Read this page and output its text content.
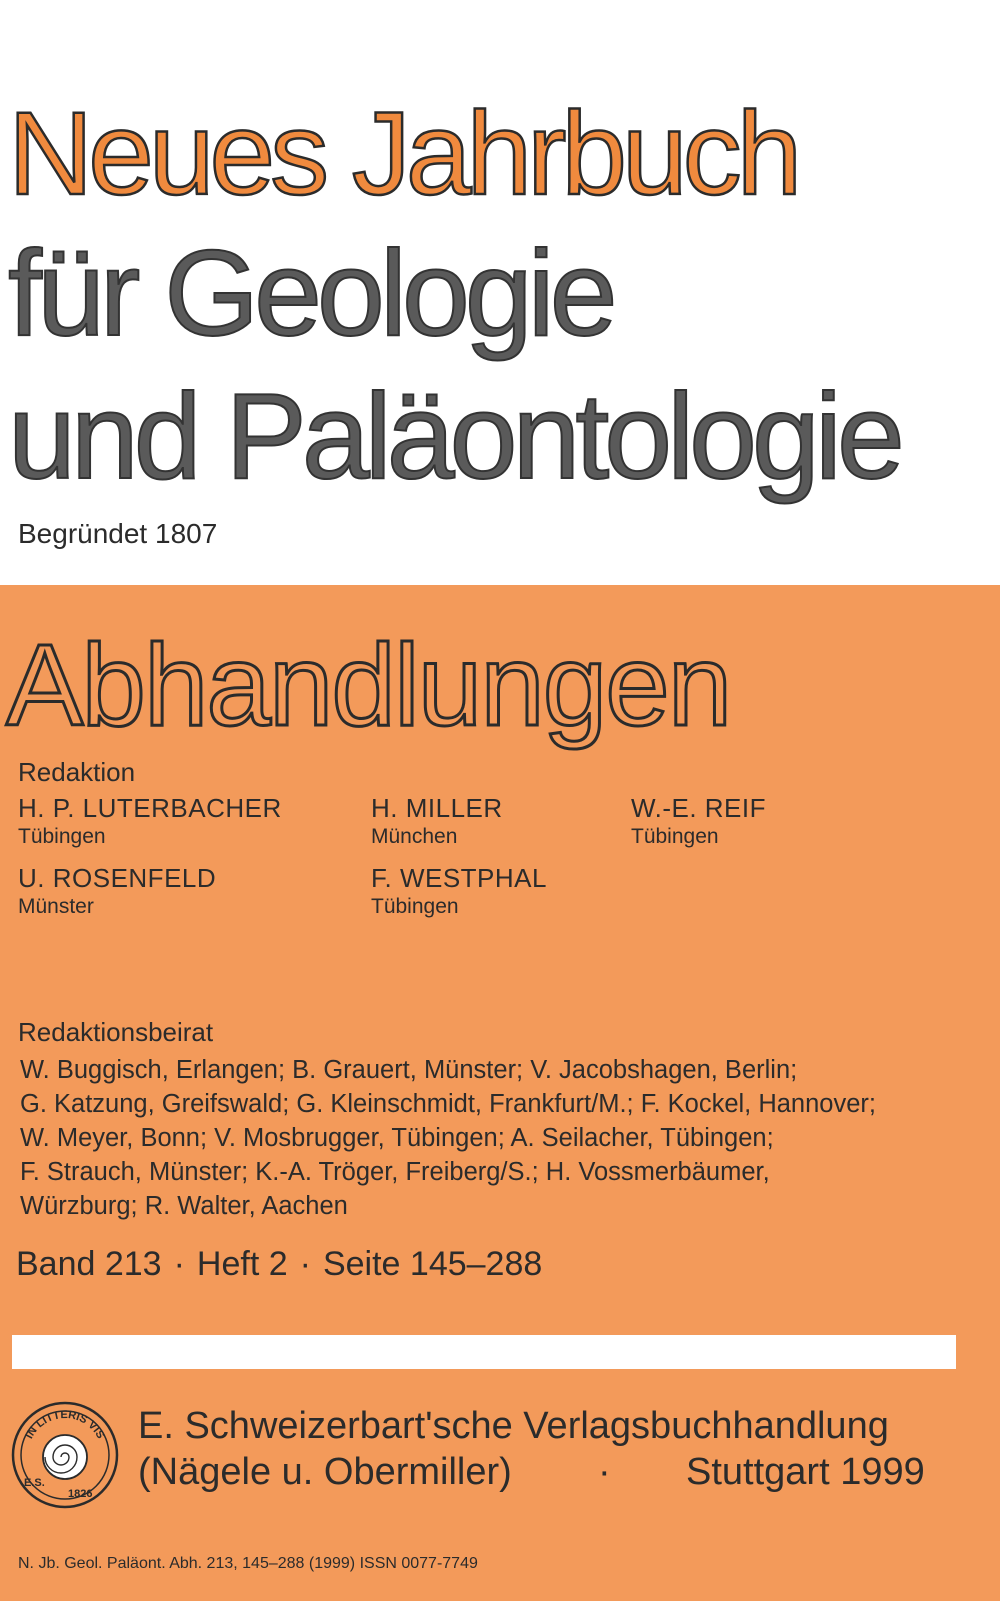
Neues Jahrbuch
für Geologie
und Paläontologie
Begründet 1807
Abhandlungen
Redaktion
H. P. LUTERBACHER
Tübingen
H. MILLER
München
W.-E. REIF
Tübingen
U. ROSENFELD
Münster
F. WESTPHAL
Tübingen
Redaktionsbeirat
W. Buggisch, Erlangen; B. Grauert, Münster; V. Jacobshagen, Berlin;
G. Katzung, Greifswald; G. Kleinschmidt, Frankfurt/M.; F. Kockel, Hannover;
W. Meyer, Bonn; V. Mosbrugger, Tübingen; A. Seilacher, Tübingen;
F. Strauch, Münster; K.-A. Tröger, Freiberg/S.; H. Vossmerbäumer,
Würzburg; R. Walter, Aachen
Band 213 · Heft 2 · Seite 145–288
IN LITTERIS VIS
E.S.
1826
E. Schweizerbart'sche Verlagsbuchhandlung
(Nägele u. Obermiller) · Stuttgart 1999
N. Jb. Geol. Paläont. Abh. 213, 145–288 (1999) ISSN 0077-7749
